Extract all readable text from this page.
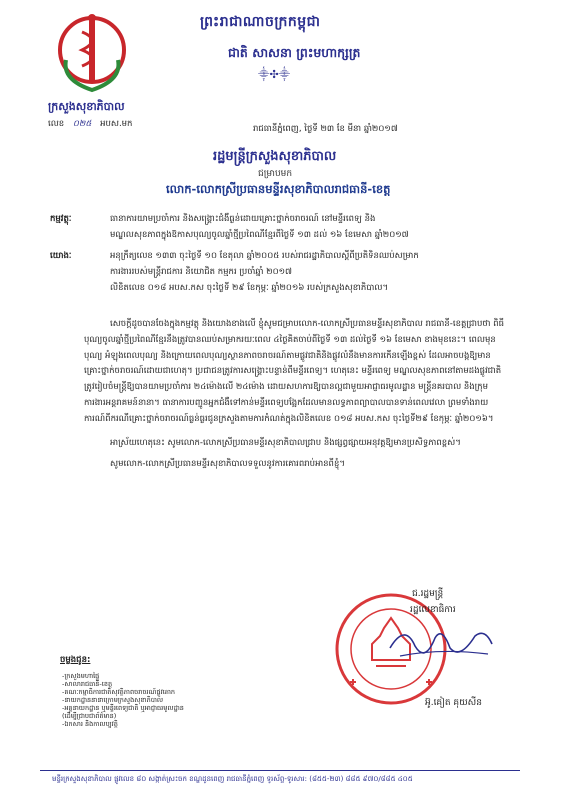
ព្រះរាជាណាចក្រកម្ពុជា
ជាតិ សាសនា ព្រះមហាក្សត្រ
⸎✣⸎
ក្រសួងសុខាភិបាល
លេខ ០២៥ អបស.មក	រាជធានីភ្នំពេញ, ថ្ងៃទី ២៣ ខែ មីនា ឆ្នាំ២០១៧
រដ្ឋមន្ត្រីក្រសួងសុខាភិបាល
ជម្រាបមក
លោក-លោកស្រីប្រធានមន្ទីរសុខាភិបាលរាជធានី-ខេត្ត
កម្មវត្ថុៈ	ធានាការយាមប្រចាំការ និងសង្គ្រោះជំងឺធ្ងន់ដោយគ្រោះថ្នាក់ចរាចរណ៍ នៅមន្ទីរពេទ្យ និង
មណ្ឌលសុខភាពក្នុងឱកាសបុណ្យចូលឆ្នាំថ្មីប្រពៃណីខ្មែរពីថ្ងៃទី ១៣ ដល់ ១៦ ខែមេសា ឆ្នាំ២០១៧
យោងៈ	អនុក្រឹត្យលេខ ១៣៣ ចុះថ្ងៃទី ១០ ខែតុលា ឆ្នាំ២០០៥ របស់រាជរដ្ឋាភិបាលស្តីពីប្រតិទិនឈប់សម្រាក
ការងាររបស់មន្ត្រីរាជការ និយោជិត កម្មករ ប្រចាំឆ្នាំ ២០១៧
លិខិតលេខ ០១៨ អបស.កស ចុះថ្ងៃទី ២៩ ខែកុម្ភៈ ឆ្នាំ២០១៦ របស់ក្រសួងសុខាភិបាល។

សេចក្តីដូចបានចែងក្នុងកម្មវត្ថុ និងយោងខាងលើ ខ្ញុំសូមជម្រាបលោក-លោកស្រីប្រធានមន្ទីរសុខាភិបាល រាជធានី-ខេត្តជ្រាបថា ពិធីបុណ្យចូលឆ្នាំថ្មីប្រពៃណីខ្មែរនឹងត្រូវបានឈប់សម្រាករយៈពេល ៤ថ្ងៃគិតចាប់ពីថ្ងៃទី ១៣ ដល់ថ្ងៃទី ១៦ ខែមេសា ខាងមុខនេះ។ ពេលមុនបុណ្យ អំឡុងពេលបុណ្យ និងក្រោយពេលបុណ្យស្ថានភាពចរាចរណ៍តាមផ្លូវជាតិនិងផ្លូវលំនឹងមានការកើនឡើងខ្ពស់ ដែលអាចបង្កឱ្យមានគ្រោះថ្នាក់ចរាចរណ៍ដោយជាហេតុ។ ប្រជាជនត្រូវការសង្គ្រោះបន្ទាន់ពីមន្ទីរពេទ្យ។ ហេតុនេះ មន្ទីរពេទ្យ មណ្ឌលសុខភាពនៅតាមដងផ្លូវជាតិត្រូវរៀបចំមន្ត្រីឱ្យបានយាមប្រចាំការ ២៤ម៉ោងលើ ២៤ម៉ោង ដោយសហការឱ្យបានល្អជាមួយអាជ្ញាធរមូលដ្ឋាន មន្ត្រីនគរបាល និងក្រុមការងារអន្តរាគមន៍នានា។ ធានាការបញ្ជូនអ្នកជំងឺទៅកាន់មន្ទីរពេទ្យបង្អែកដែលមានលទ្ធភាពព្យាបាលបានទាន់ពេលវេលា ព្រមទាំងរាយការណ៍ពីករណីគ្រោះថ្នាក់ចរាចរណ៍ធ្ងន់ធ្ងរជូនក្រសួងតាមការកំណត់ក្នុងលិខិតលេខ ០១៨ អបស.កស ចុះថ្ងៃទី២៩ ខែកុម្ភៈ ឆ្នាំ២០១៦។

អាស្រ័យហេតុនេះ សូមលោក-លោកស្រីប្រធានមន្ទីរសុខាភិបាលជ្រាប និងផ្សព្វផ្សាយអនុវត្តឱ្យមានប្រសិទ្ធភាពខ្ពស់។

សូមលោក-លោកស្រីប្រធានមន្ទីរសុខាភិបាលទទួលនូវការគោរពរាប់អានពីខ្ញុំ។

ជ.រដ្ឋមន្ត្រី
រដ្ឋលេខាធិការ
អ៊ូ.គៀត គុយសីន
ចម្លងជូន:
-ក្រសួងមហាផ្ទៃ
-សាលារាជធានី-ខេត្ត
-គណៈកម្មាធិការជាតិសុវត្ថិភាពចរាចរណ៍ផ្លូវគោក
-នាយកដ្ឋាននានាក្រោមក្រសួងសុខាភិបាល
-អគ្គនាយកដ្ឋាន ឬមន្ទីរពេទ្យជាតិ ឬអាជ្ញាធរមូលដ្ឋាន
(ដើម្បីជ្រាបជាព័ត៌មាន)
-ឯកសារ និងកាលប្បវត្តិ
មន្ទីរក្រសួងសុខាភិបាល ផ្លូវលេខ ៨០ សង្កាត់ស្រះចក ខណ្ឌដូនពេញ រាជធានីភ្នំពេញ ទូរស័ព្ទ-ទូរសារ: (៨៥៥-២៣) ៨៨៥ ៩៧០/៨៨៥ ៤០៥
